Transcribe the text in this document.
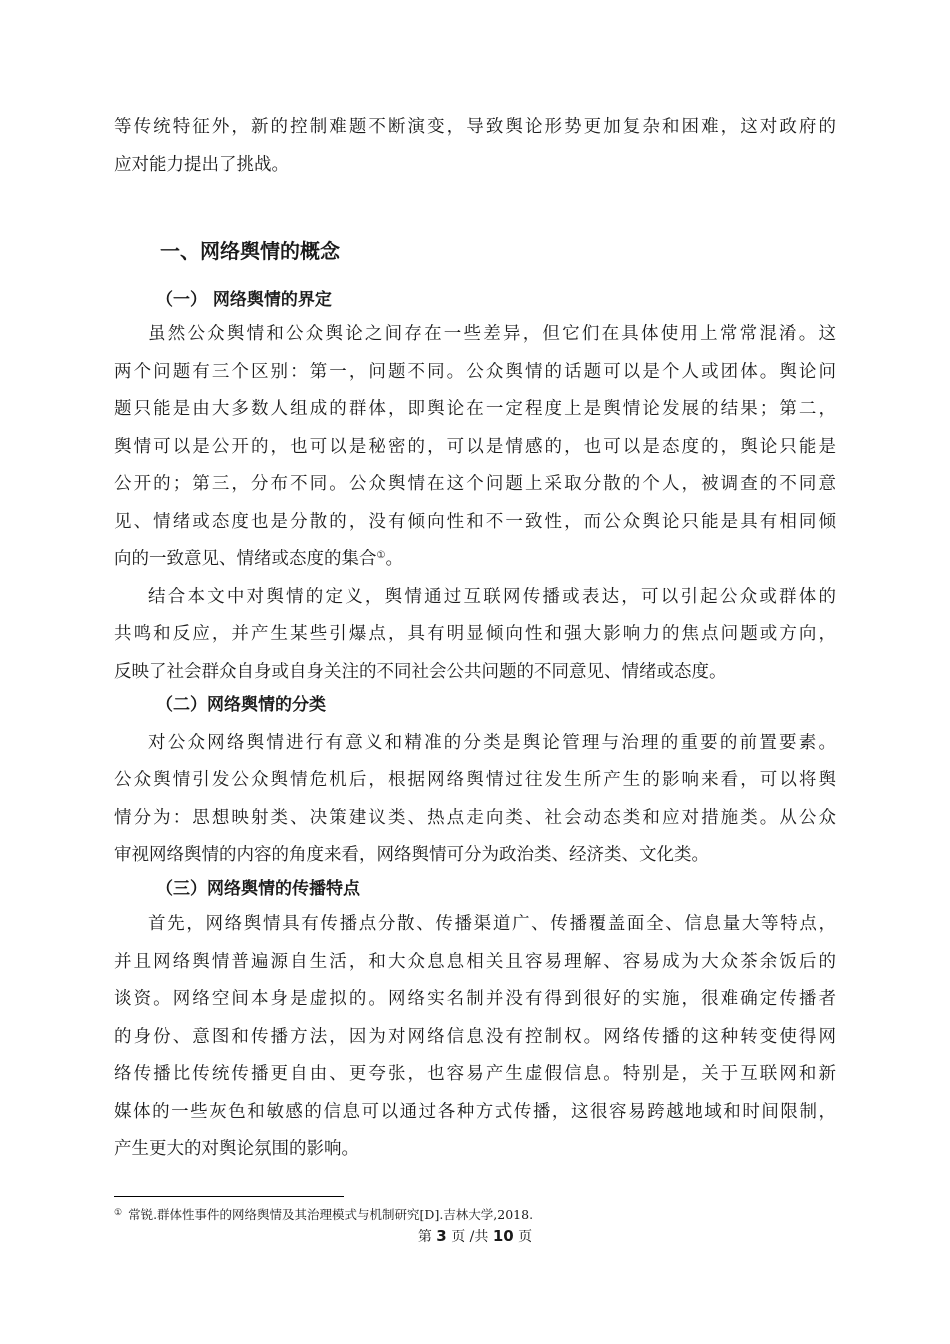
等传统特征外，新的控制难题不断演变，导致舆论形势更加复杂和困难，这对政府的
应对能力提出了挑战。
一、网络舆情的概念
（一） 网络舆情的界定
虽然公众舆情和公众舆论之间存在一些差异，但它们在具体使用上常常混淆。这
两个问题有三个区别：第一，问题不同。公众舆情的话题可以是个人或团体。舆论问
题只能是由大多数人组成的群体，即舆论在一定程度上是舆情论发展的结果；第二，
舆情可以是公开的，也可以是秘密的，可以是情感的，也可以是态度的，舆论只能是
公开的；第三，分布不同。公众舆情在这个问题上采取分散的个人，被调查的不同意
见、情绪或态度也是分散的，没有倾向性和不一致性，而公众舆论只能是具有相同倾
向的一致意见、情绪或态度的集合①。
结合本文中对舆情的定义，舆情通过互联网传播或表达，可以引起公众或群体的
共鸣和反应，并产生某些引爆点，具有明显倾向性和强大影响力的焦点问题或方向，
反映了社会群众自身或自身关注的不同社会公共问题的不同意见、情绪或态度。
（二）网络舆情的分类
对公众网络舆情进行有意义和精准的分类是舆论管理与治理的重要的前置要素。
公众舆情引发公众舆情危机后，根据网络舆情过往发生所产生的影响来看，可以将舆
情分为：思想映射类、决策建议类、热点走向类、社会动态类和应对措施类。从公众
审视网络舆情的内容的角度来看，网络舆情可分为政治类、经济类、文化类。
（三）网络舆情的传播特点
首先，网络舆情具有传播点分散、传播渠道广、传播覆盖面全、信息量大等特点，
并且网络舆情普遍源自生活，和大众息息相关且容易理解、容易成为大众茶余饭后的
谈资。网络空间本身是虚拟的。网络实名制并没有得到很好的实施，很难确定传播者
的身份、意图和传播方法，因为对网络信息没有控制权。网络传播的这种转变使得网
络传播比传统传播更自由、更夸张，也容易产生虚假信息。特别是，关于互联网和新
媒体的一些灰色和敏感的信息可以通过各种方式传播，这很容易跨越地域和时间限制，
产生更大的对舆论氛围的影响。
① 常锐.群体性事件的网络舆情及其治理模式与机制研究[D].吉林大学,2018.
第 3 页 /共 10 页
